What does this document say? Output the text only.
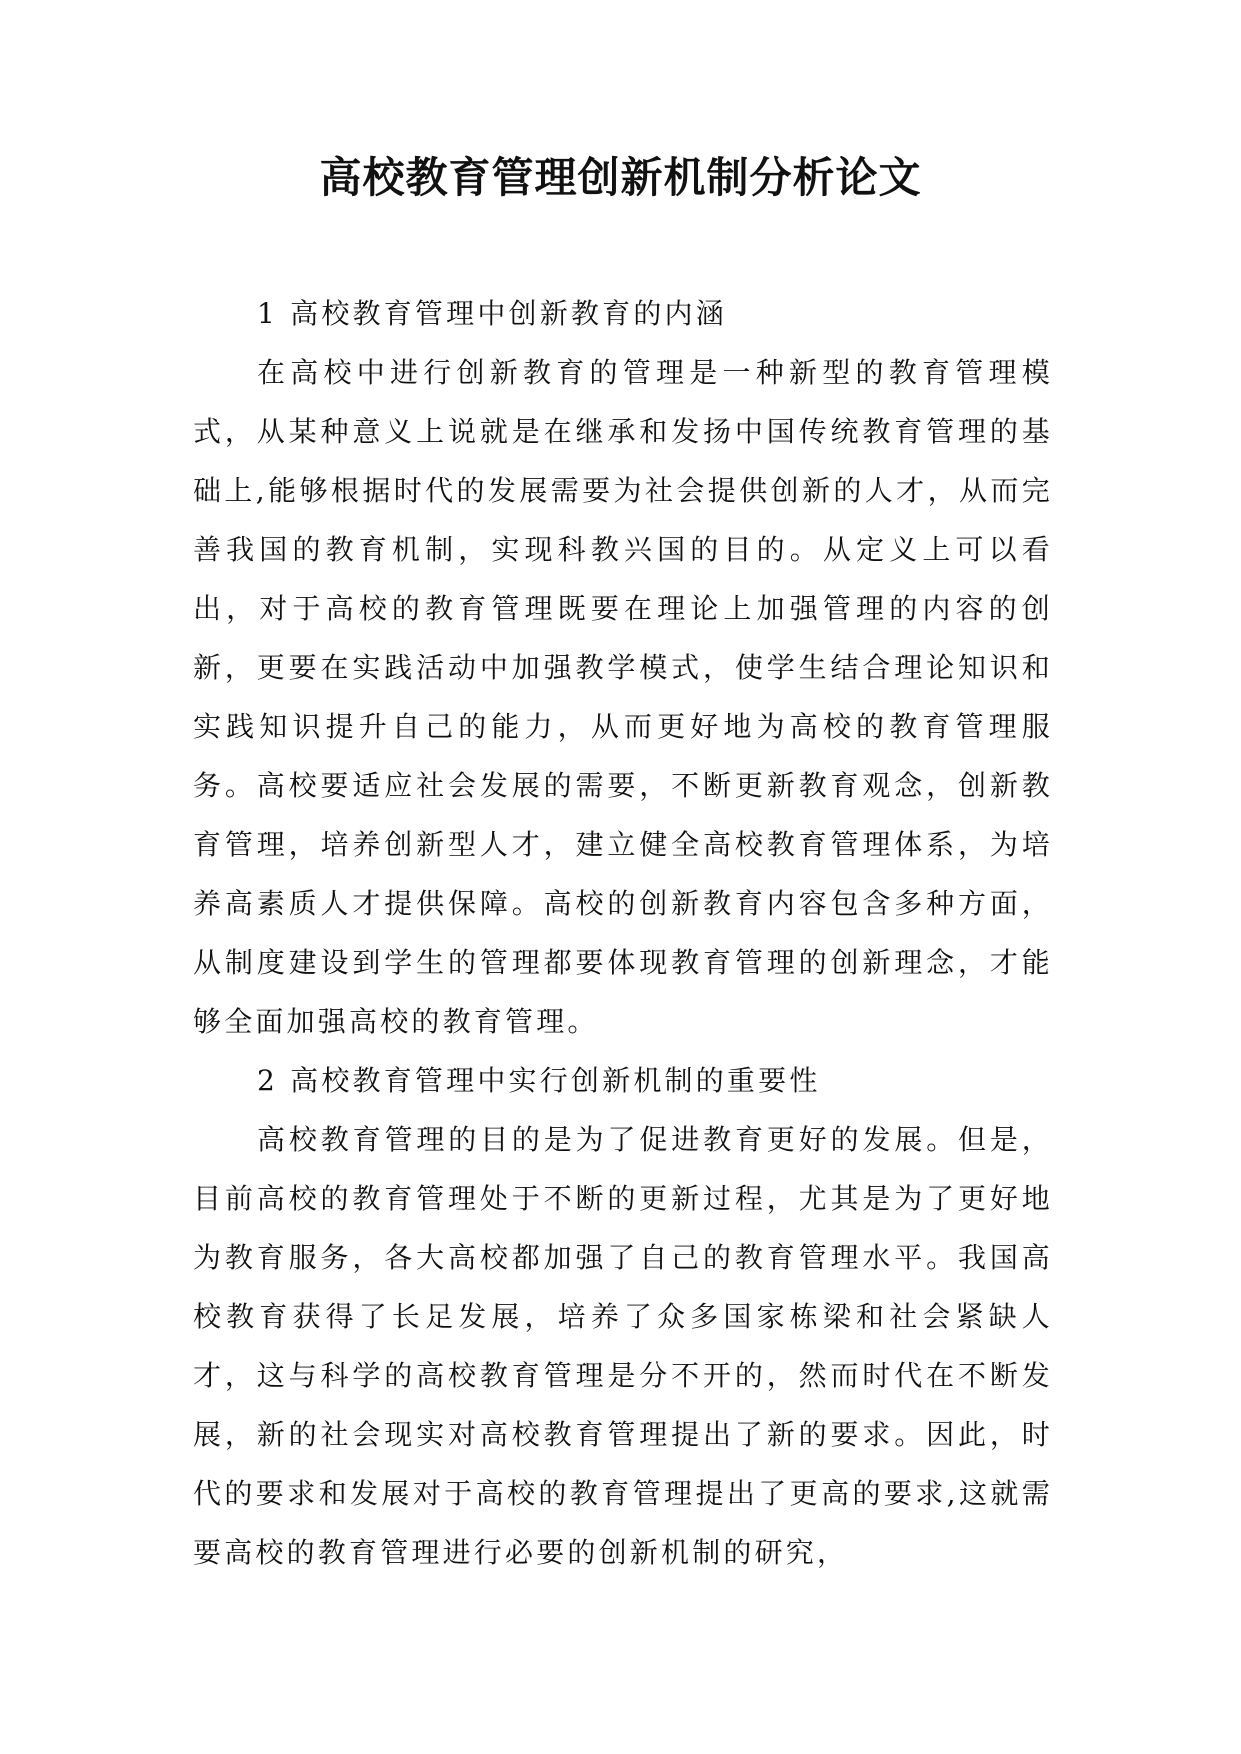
高校教育管理创新机制分析论文

1 高校教育管理中创新教育的内涵

在高校中进行创新教育的管理是一种新型的教育管理模式，从某种意义上说就是在继承和发扬中国传统教育管理的基础上,能够根据时代的发展需要为社会提供创新的人才，从而完善我国的教育机制，实现科教兴国的目的。从定义上可以看出，对于高校的教育管理既要在理论上加强管理的内容的创新，更要在实践活动中加强教学模式，使学生结合理论知识和实践知识提升自己的能力，从而更好地为高校的教育管理服务。高校要适应社会发展的需要，不断更新教育观念，创新教育管理，培养创新型人才，建立健全高校教育管理体系，为培养高素质人才提供保障。高校的创新教育内容包含多种方面，从制度建设到学生的管理都要体现教育管理的创新理念，才能够全面加强高校的教育管理。

2 高校教育管理中实行创新机制的重要性

高校教育管理的目的是为了促进教育更好的发展。但是，目前高校的教育管理处于不断的更新过程，尤其是为了更好地为教育服务，各大高校都加强了自己的教育管理水平。我国高校教育获得了长足发展，培养了众多国家栋梁和社会紧缺人才，这与科学的高校教育管理是分不开的，然而时代在不断发展，新的社会现实对高校教育管理提出了新的要求。因此，时代的要求和发展对于高校的教育管理提出了更高的要求,这就需要高校的教育管理进行必要的创新机制的研究，
